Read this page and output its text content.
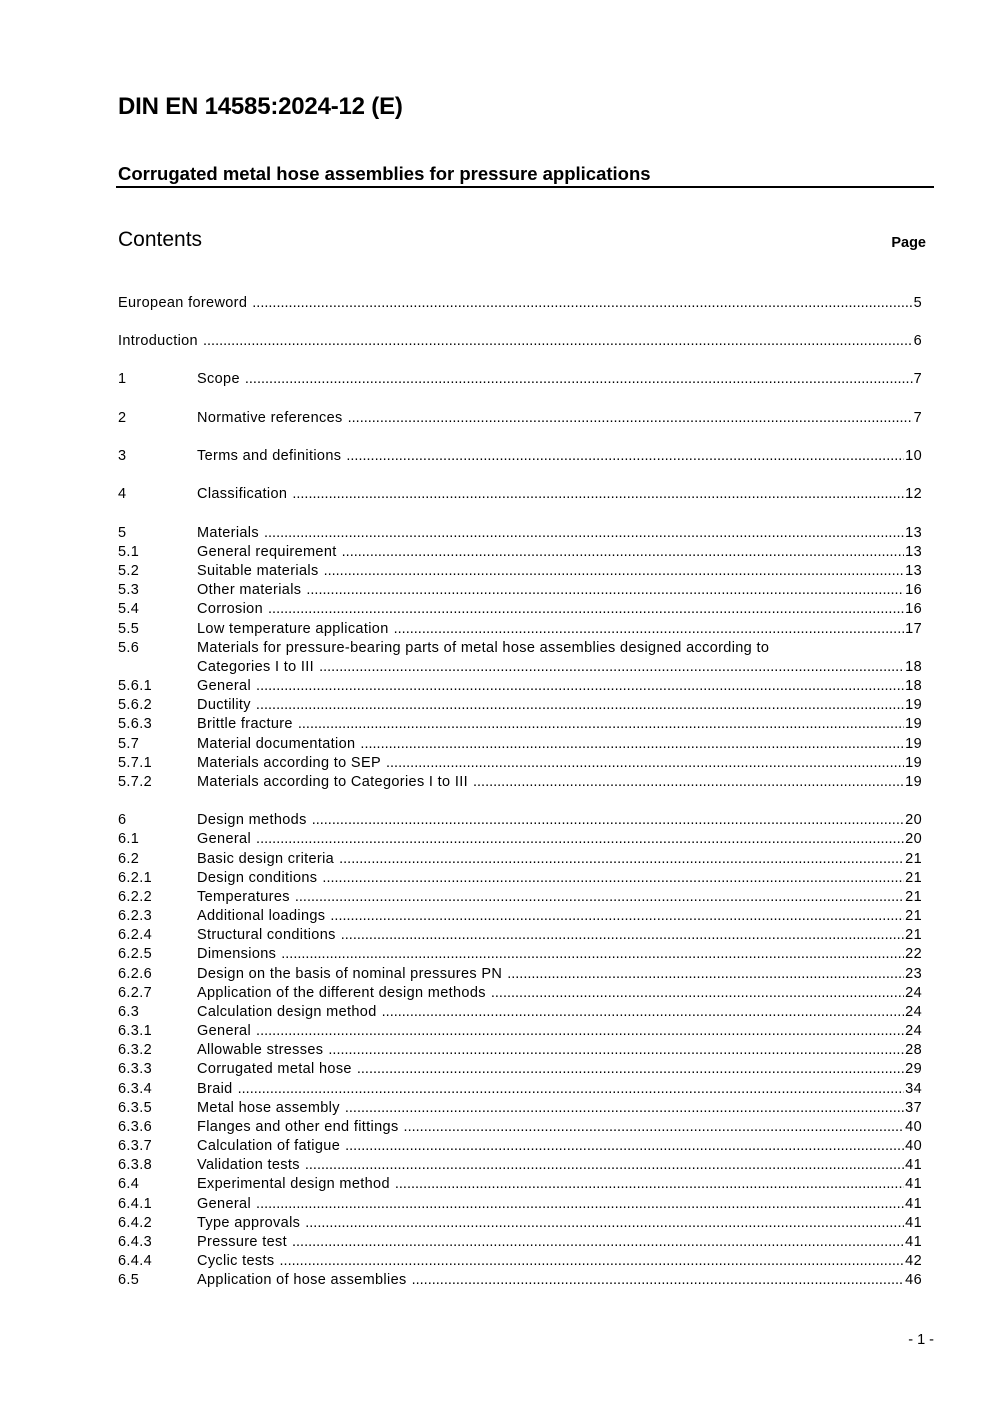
DIN EN 14585:2024-12 (E)
Corrugated metal hose assemblies for pressure applications
Contents	Page
European foreword .....	5
Introduction .....	6
1	Scope .....	7
2	Normative references .....	7
3	Terms and definitions .....	10
4	Classification .....	12
5	Materials .....	13
5.1	General requirement .....	13
5.2	Suitable materials .....	13
5.3	Other materials .....	16
5.4	Corrosion .....	16
5.5	Low temperature application .....	17
5.6	Materials for pressure-bearing parts of metal hose assemblies designed according to
Categories I to III .....	18
5.6.1	General .....	18
5.6.2	Ductility .....	19
5.6.3	Brittle fracture .....	19
5.7	Material documentation .....	19
5.7.1	Materials according to SEP .....	19
5.7.2	Materials according to Categories I to III .....	19
6	Design methods .....	20
6.1	General .....	20
6.2	Basic design criteria .....	21
6.2.1	Design conditions .....	21
6.2.2	Temperatures .....	21
6.2.3	Additional loadings .....	21
6.2.4	Structural conditions .....	21
6.2.5	Dimensions .....	22
6.2.6	Design on the basis of nominal pressures PN .....	23
6.2.7	Application of the different design methods .....	24
6.3	Calculation design method .....	24
6.3.1	General .....	24
6.3.2	Allowable stresses .....	28
6.3.3	Corrugated metal hose .....	29
6.3.4	Braid .....	34
6.3.5	Metal hose assembly .....	37
6.3.6	Flanges and other end fittings .....	40
6.3.7	Calculation of fatigue .....	40
6.3.8	Validation tests .....	41
6.4	Experimental design method .....	41
6.4.1	General .....	41
6.4.2	Type approvals .....	41
6.4.3	Pressure test .....	41
6.4.4	Cyclic tests .....	42
6.5	Application of hose assemblies .....	46
- 1 -
